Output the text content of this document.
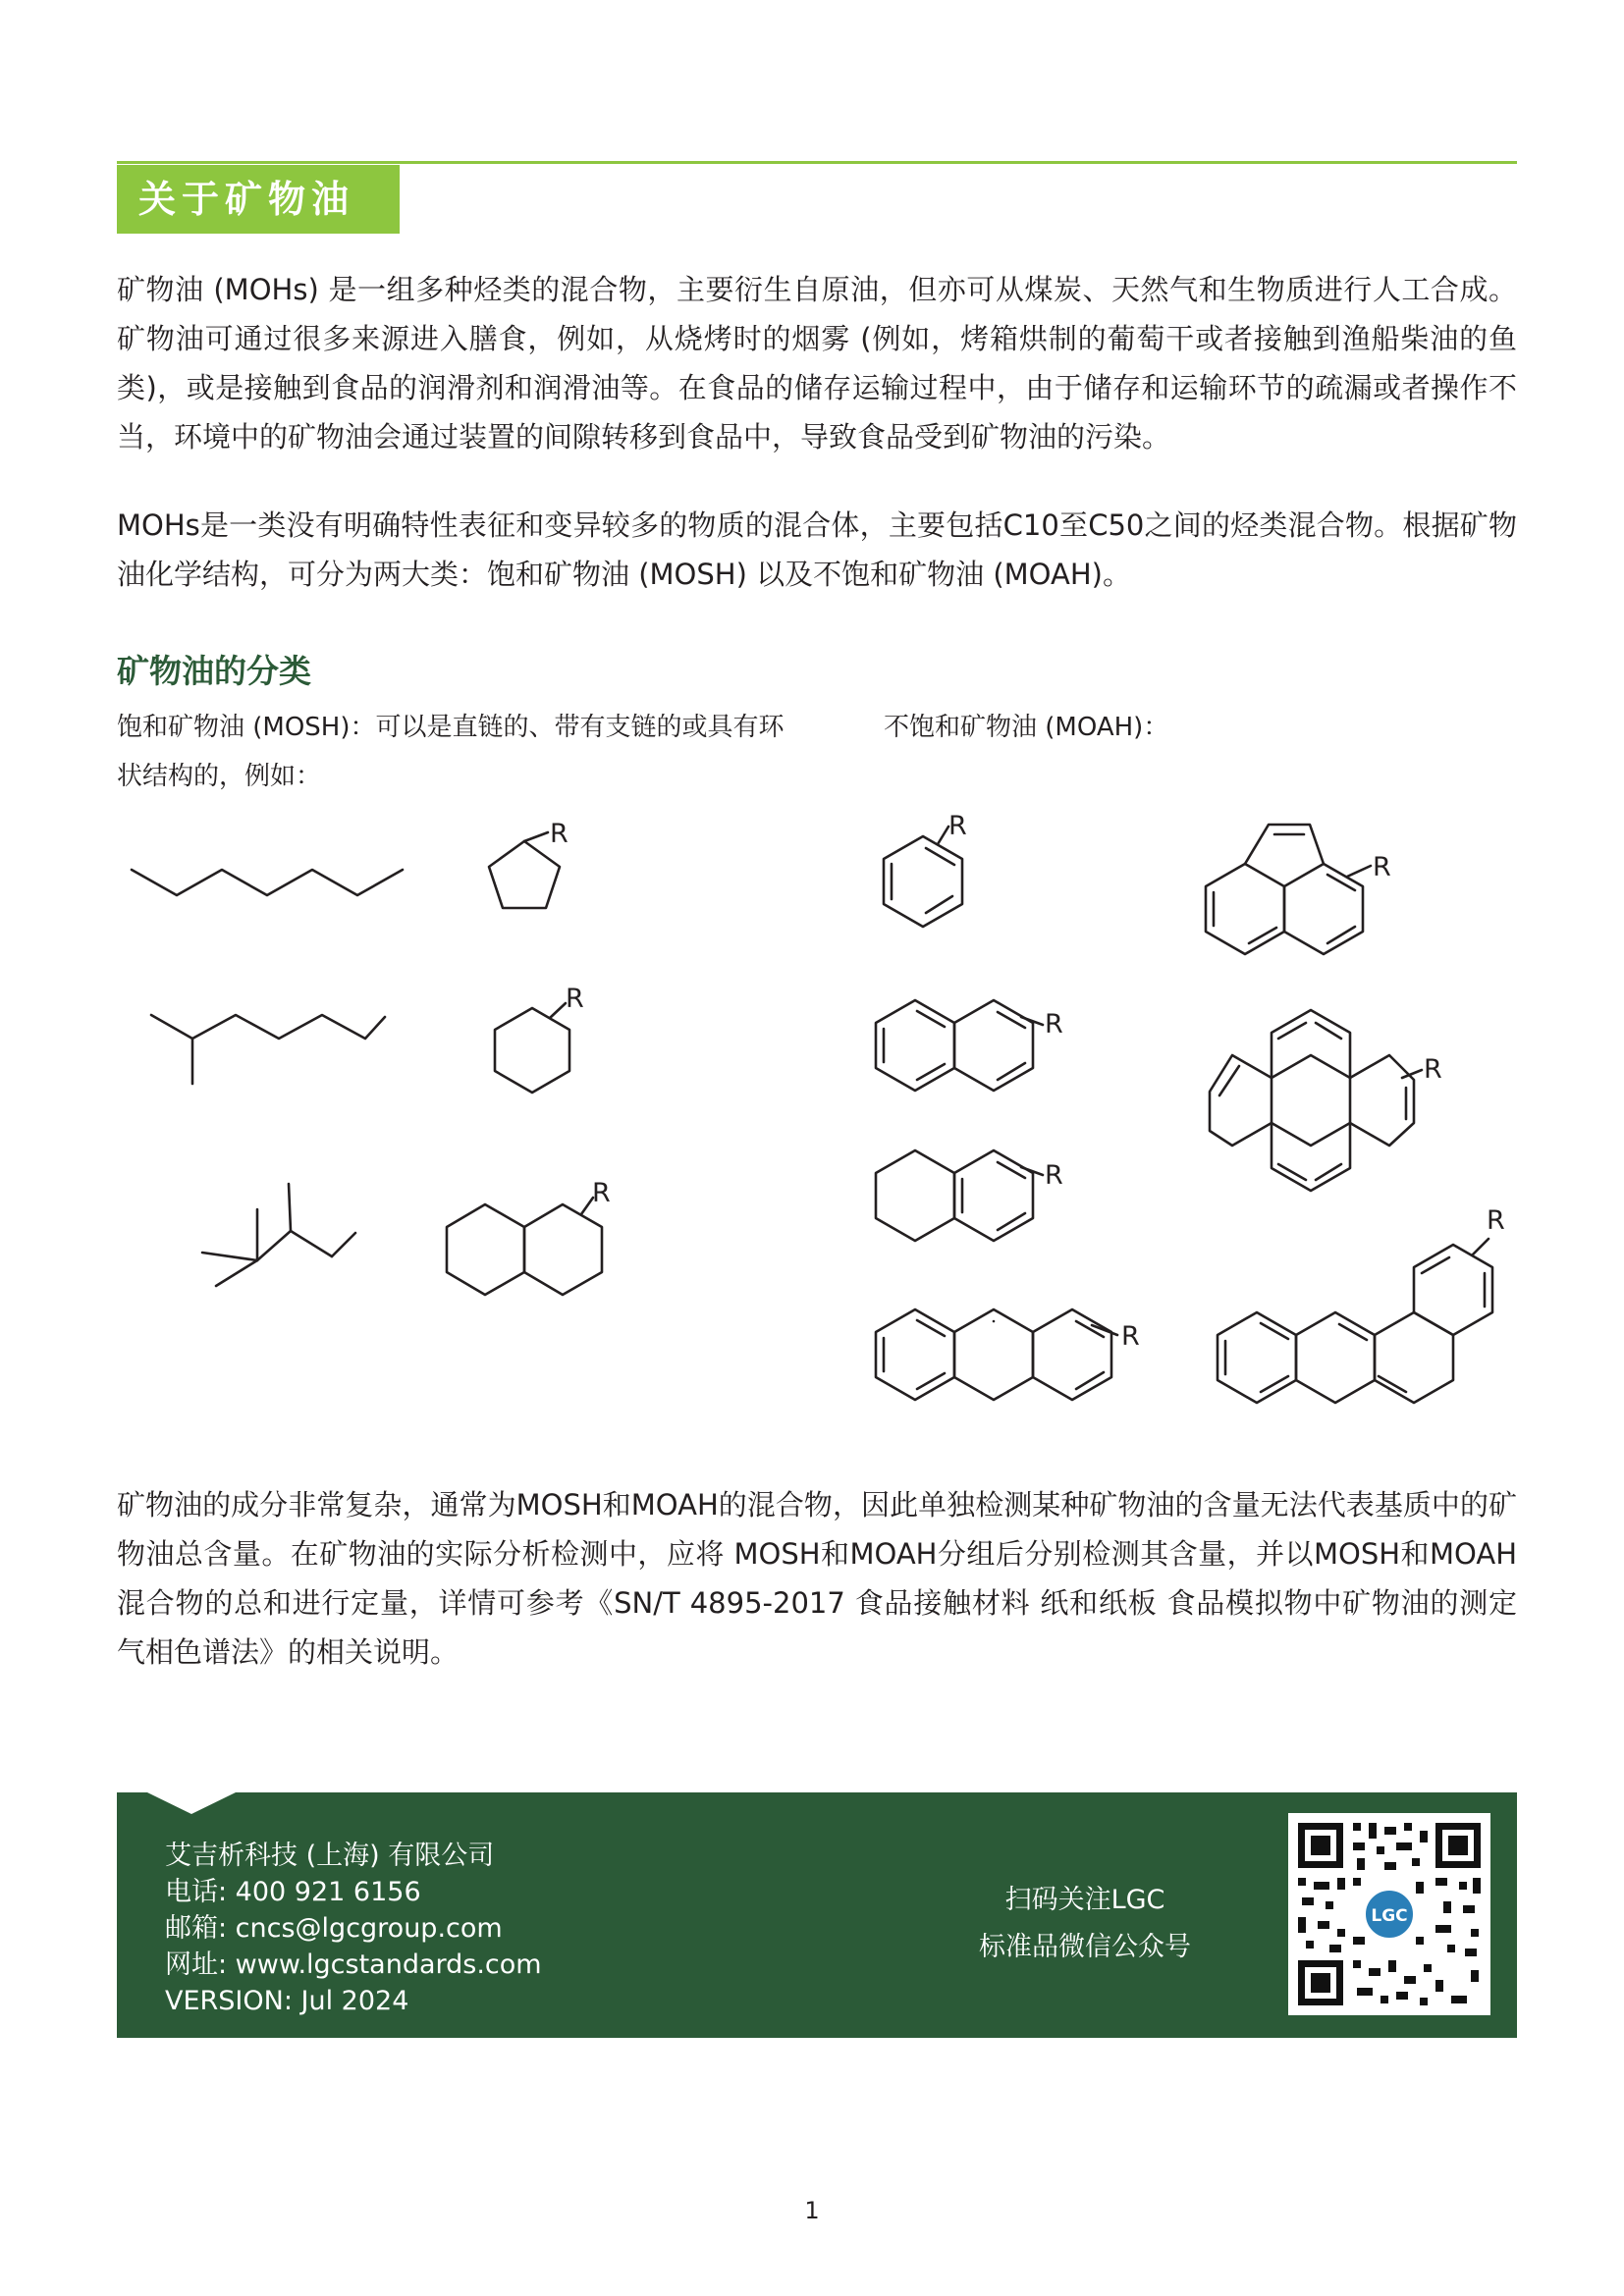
关于矿物油

矿物油 (MOHs) 是一组多种烃类的混合物，主要衍生自原油，但亦可从煤炭、天然气和生物质进行人工合成。矿物油可通过很多来源进入膳食，例如，从烧烤时的烟雾 (例如，烤箱烘制的葡萄干或者接触到渔船柴油的鱼类)，或是接触到食品的润滑剂和润滑油等。在食品的储存运输过程中，由于储存和运输环节的疏漏或者操作不当，环境中的矿物油会通过装置的间隙转移到食品中，导致食品受到矿物油的污染。

MOHs是一类没有明确特性表征和变异较多的物质的混合体，主要包括C10至C50之间的烃类混合物。根据矿物油化学结构，可分为两大类：饱和矿物油 (MOSH) 以及不饱和矿物油 (MOAH)。

矿物油的分类

饱和矿物油 (MOSH)：可以是直链的、带有支链的或具有环状结构的，例如：

不饱和矿物油 (MOAH)：

R
R
R
R
R
R
R
R
R
R

矿物油的成分非常复杂，通常为MOSH和MOAH的混合物，因此单独检测某种矿物油的含量无法代表基质中的矿物油总含量。在矿物油的实际分析检测中，应将 MOSH和MOAH分组后分别检测其含量，并以MOSH和MOAH混合物的总和进行定量，详情可参考《SN/T 4895-2017 食品接触材料 纸和纸板 食品模拟物中矿物油的测定 气相色谱法》的相关说明。

艾吉析科技 (上海) 有限公司
电话: 400 921 6156
邮箱: cncs@lgcgroup.com
网址: www.lgcstandards.com
VERSION: Jul 2024
扫码关注LGC
标准品微信公众号
LGC
1
